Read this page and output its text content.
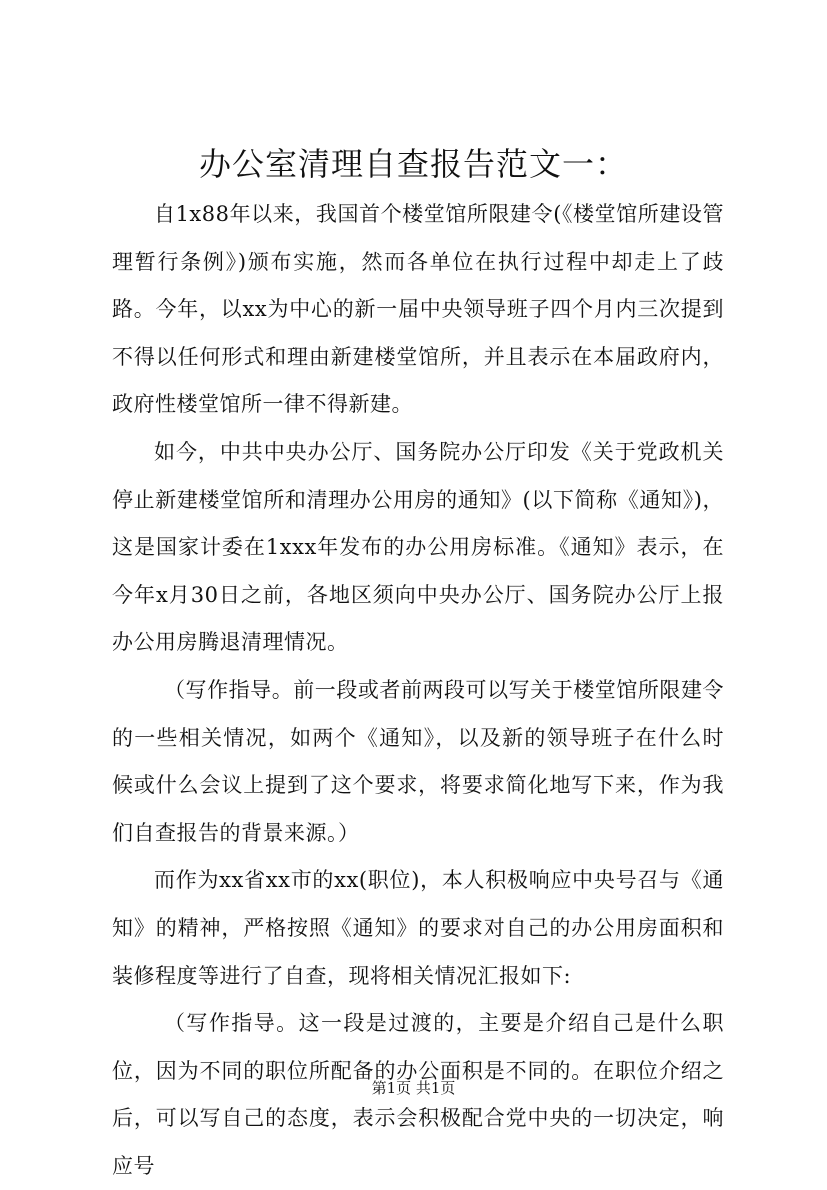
办公室清理自查报告范文一：

自1x88年以来，我国首个楼堂馆所限建令(《楼堂馆所建设管理暂行条例》)颁布实施，然而各单位在执行过程中却走上了歧路。今年，以xx为中心的新一届中央领导班子四个月内三次提到不得以任何形式和理由新建楼堂馆所，并且表示在本届政府内，政府性楼堂馆所一律不得新建。

如今，中共中央办公厅、国务院办公厅印发《关于党政机关停止新建楼堂馆所和清理办公用房的通知》(以下简称《通知》)，这是国家计委在1xxx年发布的办公用房标准。《通知》表示，在今年x月30日之前，各地区须向中央办公厅、国务院办公厅上报办公用房腾退清理情况。

（写作指导。前一段或者前两段可以写关于楼堂馆所限建令的一些相关情况，如两个《通知》，以及新的领导班子在什么时候或什么会议上提到了这个要求，将要求简化地写下来，作为我们自查报告的背景来源。）

而作为xx省xx市的xx(职位)，本人积极响应中央号召与《通知》的精神，严格按照《通知》的要求对自己的办公用房面积和装修程度等进行了自查，现将相关情况汇报如下:

（写作指导。这一段是过渡的，主要是介绍自己是什么职位，因为不同的职位所配备的办公面积是不同的。在职位介绍之后，可以写自己的态度，表示会积极配合党中央的一切决定，响应号

第1页 共1页
